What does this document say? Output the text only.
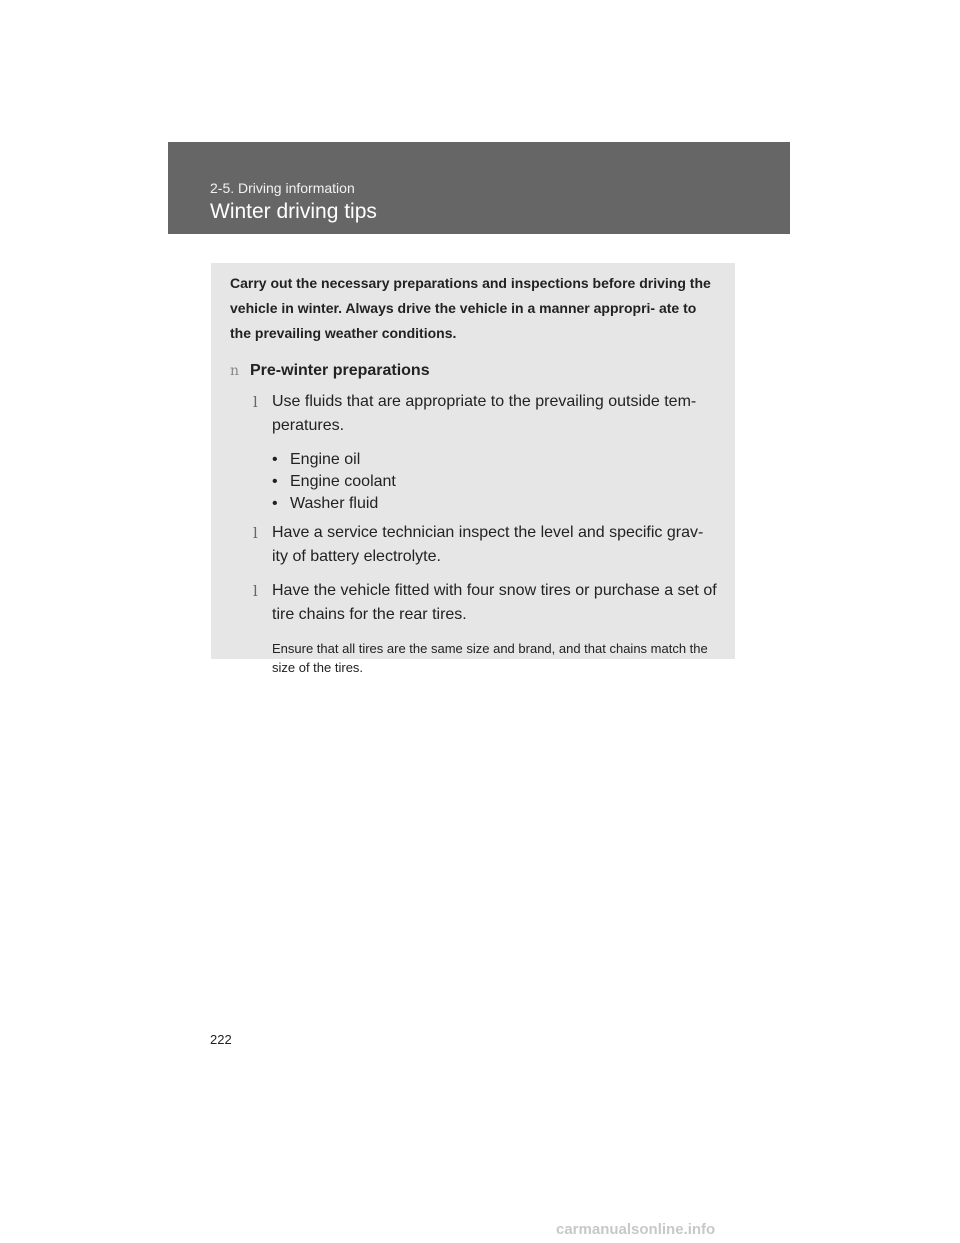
2-5. Driving information
Winter driving tips

Carry out the necessary preparations and inspections before driving the vehicle in winter. Always drive the vehicle in a manner appropri‑ ate to the prevailing weather conditions.

n Pre‑winter preparations
l Use fluids that are appropriate to the prevailing outside tem‑ peratures.
• Engine oil
• Engine coolant
• Washer fluid
l Have a service technician inspect the level and specific grav‑ ity of battery electrolyte.
l Have the vehicle fitted with four snow tires or purchase a set of tire chains for the rear tires.
Ensure that all tires are the same size and brand, and that chains match the size of the tires.
222
carmanualsonline.info
